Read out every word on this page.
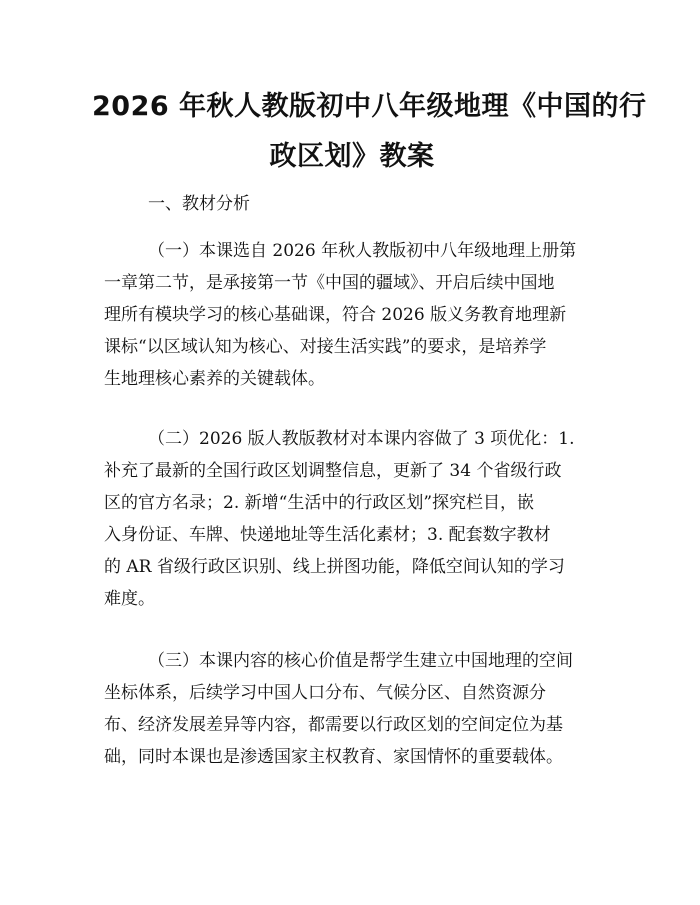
2026 年秋人教版初中八年级地理《中国的行
政区划》教案

一、教材分析

（一）本课选自 2026 年秋人教版初中八年级地理上册第
一章第二节，是承接第一节《中国的疆域》、开启后续中国地
理所有模块学习的核心基础课，符合 2026 版义务教育地理新
课标“以区域认知为核心、对接生活实践”的要求，是培养学
生地理核心素养的关键载体。

（二）2026 版人教版教材对本课内容做了 3 项优化：1.
补充了最新的全国行政区划调整信息，更新了 34 个省级行政
区的官方名录；2. 新增“生活中的行政区划”探究栏目，嵌
入身份证、车牌、快递地址等生活化素材；3. 配套数字教材
的 AR 省级行政区识别、线上拼图功能，降低空间认知的学习
难度。

（三）本课内容的核心价值是帮学生建立中国地理的空间
坐标体系，后续学习中国人口分布、气候分区、自然资源分
布、经济发展差异等内容，都需要以行政区划的空间定位为基
础，同时本课也是渗透国家主权教育、家国情怀的重要载体。
